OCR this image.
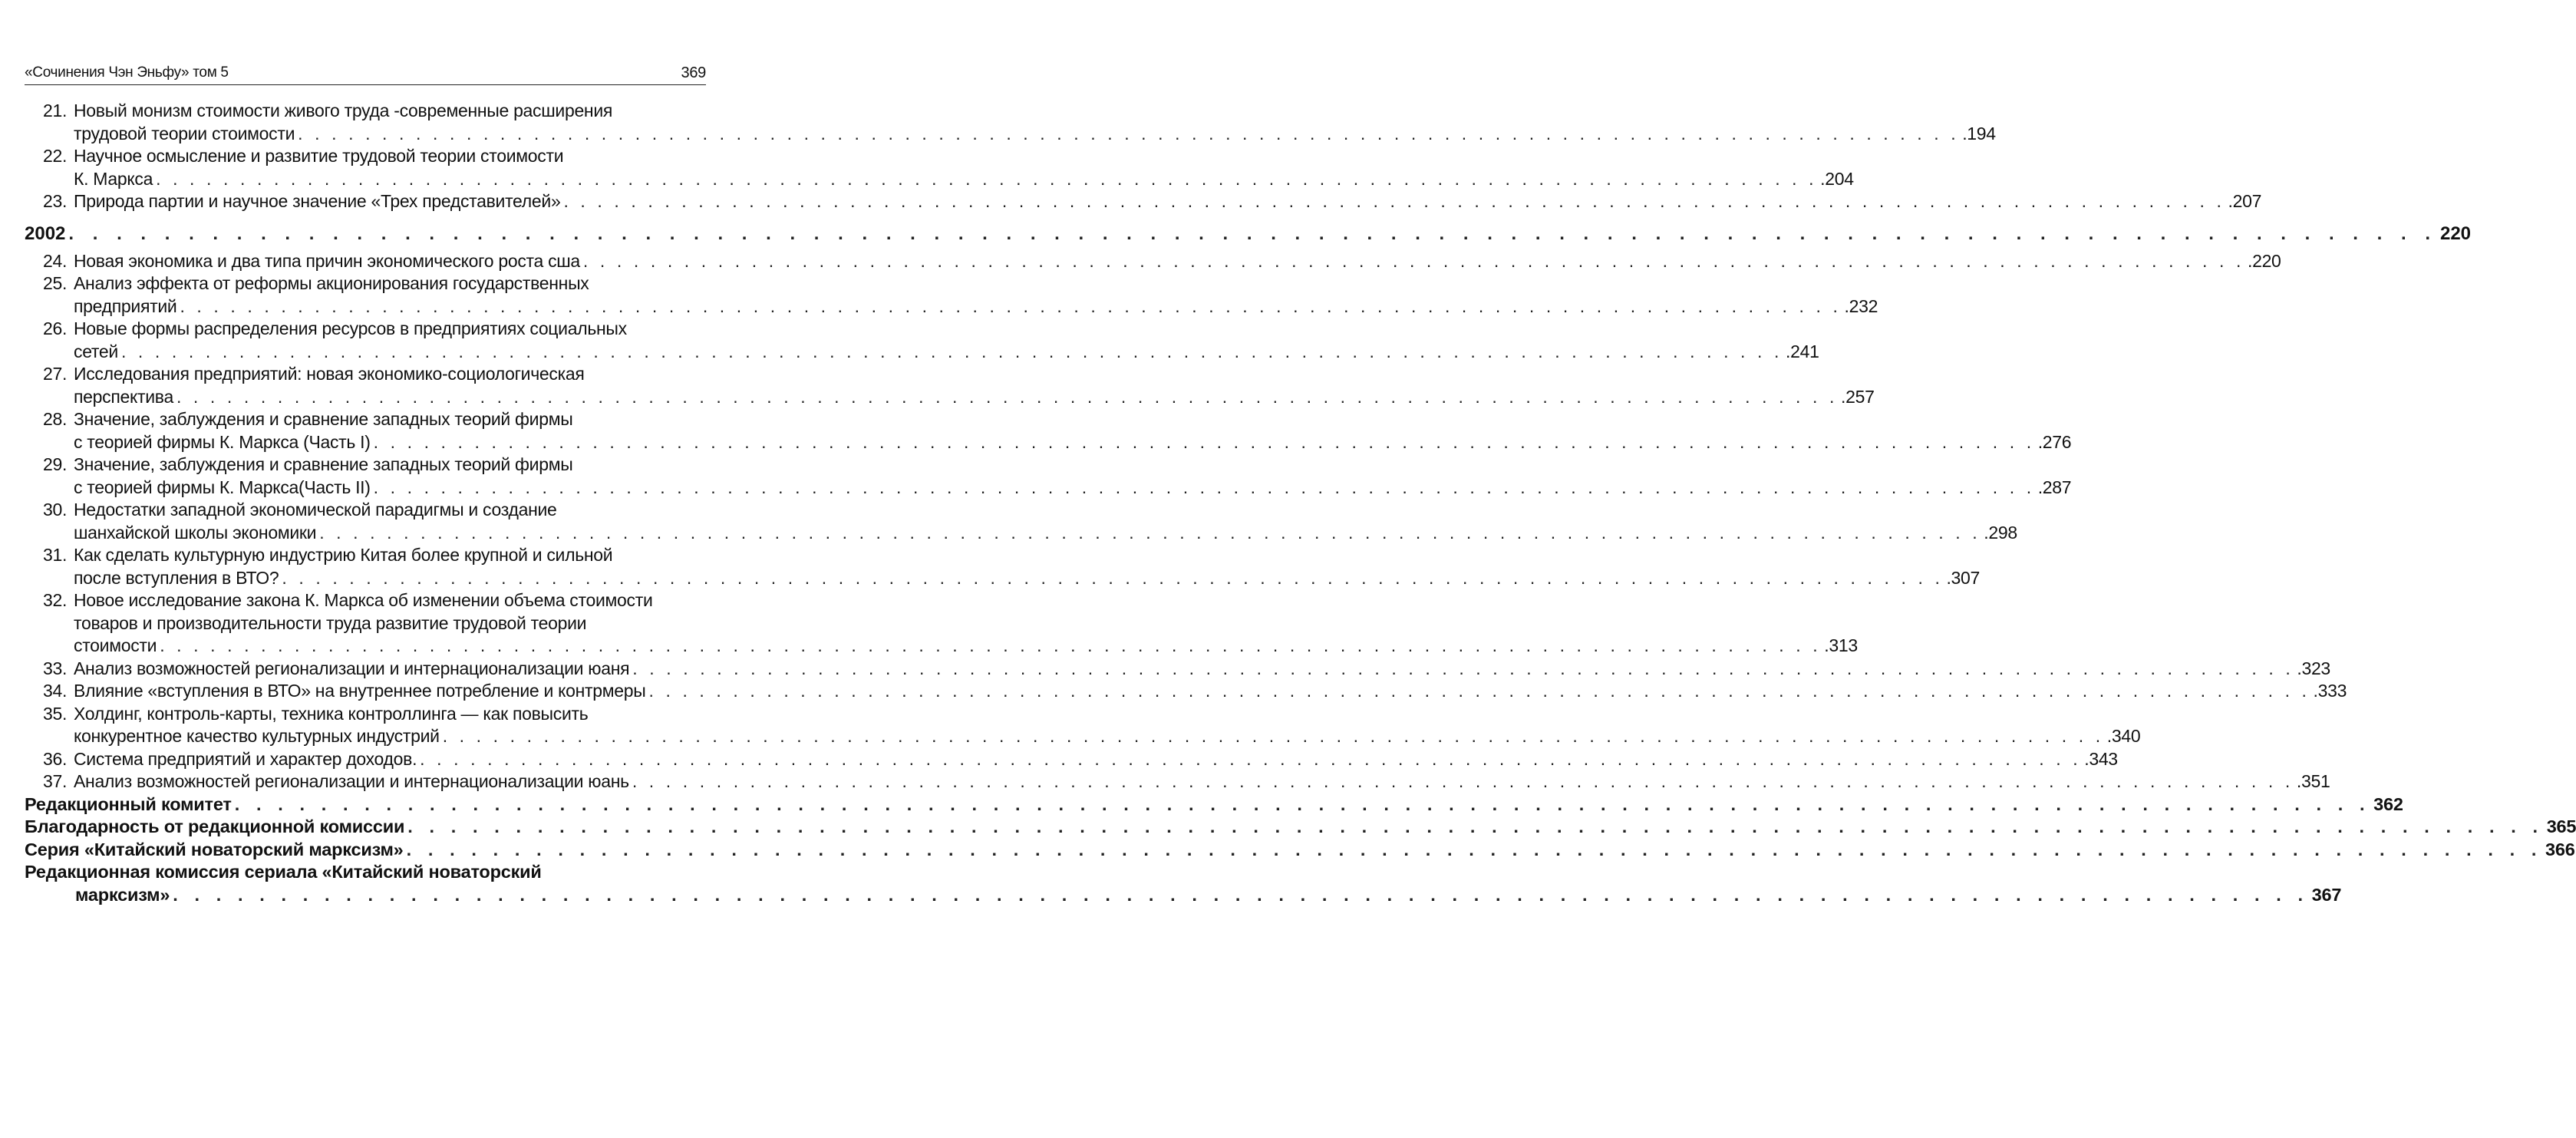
«Сочинения Чэн Эньфу» том 5	369
21. Новый монизм стоимости живого труда -современные расширения
трудовой теории стоимости . . . . . . . . . . . . . . . . . . . . . . . . . . . . . . . . . . . . . . . . . . . . . . . . . . . . . . . . . . . . . . . . . . . . . . . . . . . . . . . . . . . . . . . . . . . . . . . . . . . .194
22. Научное осмысление и развитие трудовой теории стоимости
К. Маркса . . . . . . . . . . . . . . . . . . . . . . . . . . . . . . . . . . . . . . . . . . . . . . . . . . . . . . . . . . . . . . . . . . . . . . . . . . . . . . . . . . . . . . . . . . . . . . . . . . . .204
23. Природа партии и научное значение «Трех представителей» . . . . . . . . . . . . . . . . . . . . . . . . . . . . . . . . . . . . . . . . . . . . . . . . . . . . . . . . . . . . . . . . . . . . . . . . . . . . . . . . . . . . . . . . . . . . . . . . . . . .207
2002 . . . . . . . . . . . . . . . . . . . . . . . . . . . . . . . . . . . . . . . . . . . . . . . . . . . . . . . . . . . . . . . . . . . . . . . . . . . . . . . . . . . . . . . . . . . . . . . . . . . 220
24. Новая экономика и два типа причин экономического роста сша . . . . . . . . . . . . . . . . . . . . . . . . . . . . . . . . . . . . . . . . . . . . . . . . . . . . . . . . . . . . . . . . . . . . . . . . . . . . . . . . . . . . . . . . . . . . . . . . . . . .220
25. Анализ эффекта от реформы акционирования государственных
предприятий . . . . . . . . . . . . . . . . . . . . . . . . . . . . . . . . . . . . . . . . . . . . . . . . . . . . . . . . . . . . . . . . . . . . . . . . . . . . . . . . . . . . . . . . . . . . . . . . . . . .232
26. Новые формы распределения ресурсов в предприятиях социальных
сетей . . . . . . . . . . . . . . . . . . . . . . . . . . . . . . . . . . . . . . . . . . . . . . . . . . . . . . . . . . . . . . . . . . . . . . . . . . . . . . . . . . . . . . . . . . . . . . . . . . . .241
27. Исследования предприятий: новая экономико-социологическая
перспектива . . . . . . . . . . . . . . . . . . . . . . . . . . . . . . . . . . . . . . . . . . . . . . . . . . . . . . . . . . . . . . . . . . . . . . . . . . . . . . . . . . . . . . . . . . . . . . . . . . . .257
28. Значение, заблуждения и сравнение западных теорий фирмы
с теорией фирмы К. Маркса (Часть I) . . . . . . . . . . . . . . . . . . . . . . . . . . . . . . . . . . . . . . . . . . . . . . . . . . . . . . . . . . . . . . . . . . . . . . . . . . . . . . . . . . . . . . . . . . . . . . . . . . . .276
29. Значение, заблуждения и сравнение западных теорий фирмы
с теорией фирмы К. Маркса(Часть II) . . . . . . . . . . . . . . . . . . . . . . . . . . . . . . . . . . . . . . . . . . . . . . . . . . . . . . . . . . . . . . . . . . . . . . . . . . . . . . . . . . . . . . . . . . . . . . . . . . . .287
30. Недостатки западной экономической парадигмы и создание
шанхайской школы экономики . . . . . . . . . . . . . . . . . . . . . . . . . . . . . . . . . . . . . . . . . . . . . . . . . . . . . . . . . . . . . . . . . . . . . . . . . . . . . . . . . . . . . . . . . . . . . . . . . . . .298
31. Как сделать культурную индустрию Китая более крупной и сильной
после вступления в ВТО? . . . . . . . . . . . . . . . . . . . . . . . . . . . . . . . . . . . . . . . . . . . . . . . . . . . . . . . . . . . . . . . . . . . . . . . . . . . . . . . . . . . . . . . . . . . . . . . . . . . .307
32. Новое исследование закона К. Маркса об изменении объема стоимости
товаров и производительности труда развитие трудовой теории
стоимости . . . . . . . . . . . . . . . . . . . . . . . . . . . . . . . . . . . . . . . . . . . . . . . . . . . . . . . . . . . . . . . . . . . . . . . . . . . . . . . . . . . . . . . . . . . . . . . . . . . .313
33. Анализ возможностей регионализации и интернационализации юаня . . . . . . . . . . . . . . . . . . . . . . . . . . . . . . . . . . . . . . . . . . . . . . . . . . . . . . . . . . . . . . . . . . . . . . . . . . . . . . . . . . . . . . . . . . . . . . . . . . . .323
34. Влияние «вступления в ВТО» на внутреннее потребление и контрмеры . . . . . . . . . . . . . . . . . . . . . . . . . . . . . . . . . . . . . . . . . . . . . . . . . . . . . . . . . . . . . . . . . . . . . . . . . . . . . . . . . . . . . . . . . . . . . . . . . . . .333
35. Холдинг, контроль-карты, техника контроллинга — как повысить
конкурентное качество культурных индустрий . . . . . . . . . . . . . . . . . . . . . . . . . . . . . . . . . . . . . . . . . . . . . . . . . . . . . . . . . . . . . . . . . . . . . . . . . . . . . . . . . . . . . . . . . . . . . . . . . . . .340
36. Система предприятий и характер доходов. . . . . . . . . . . . . . . . . . . . . . . . . . . . . . . . . . . . . . . . . . . . . . . . . . . . . . . . . . . . . . . . . . . . . . . . . . . . . . . . . . . . . . . . . . . . . . . . . . . . .343
37. Анализ возможностей регионализации и интернационализации юань . . . . . . . . . . . . . . . . . . . . . . . . . . . . . . . . . . . . . . . . . . . . . . . . . . . . . . . . . . . . . . . . . . . . . . . . . . . . . . . . . . . . . . . . . . . . . . . . . . . .351
Редакционный комитет . . . . . . . . . . . . . . . . . . . . . . . . . . . . . . . . . . . . . . . . . . . . . . . . . . . . . . . . . . . . . . . . . . . . . . . . . . . . . . . . . . . . . . . . . . . . . . . . . . . 362
Благодарность от редакционной комиссии . . . . . . . . . . . . . . . . . . . . . . . . . . . . . . . . . . . . . . . . . . . . . . . . . . . . . . . . . . . . . . . . . . . . . . . . . . . . . . . . . . . . . . . . . . . . . . . . . . . 365
Серия «Китайский новаторский марксизм» . . . . . . . . . . . . . . . . . . . . . . . . . . . . . . . . . . . . . . . . . . . . . . . . . . . . . . . . . . . . . . . . . . . . . . . . . . . . . . . . . . . . . . . . . . . . . . . . . . . 366
Редакционная комиссия сериала «Китайский новаторский
марксизм» . . . . . . . . . . . . . . . . . . . . . . . . . . . . . . . . . . . . . . . . . . . . . . . . . . . . . . . . . . . . . . . . . . . . . . . . . . . . . . . . . . . . . . . . . . . . . . . . . . . 367
